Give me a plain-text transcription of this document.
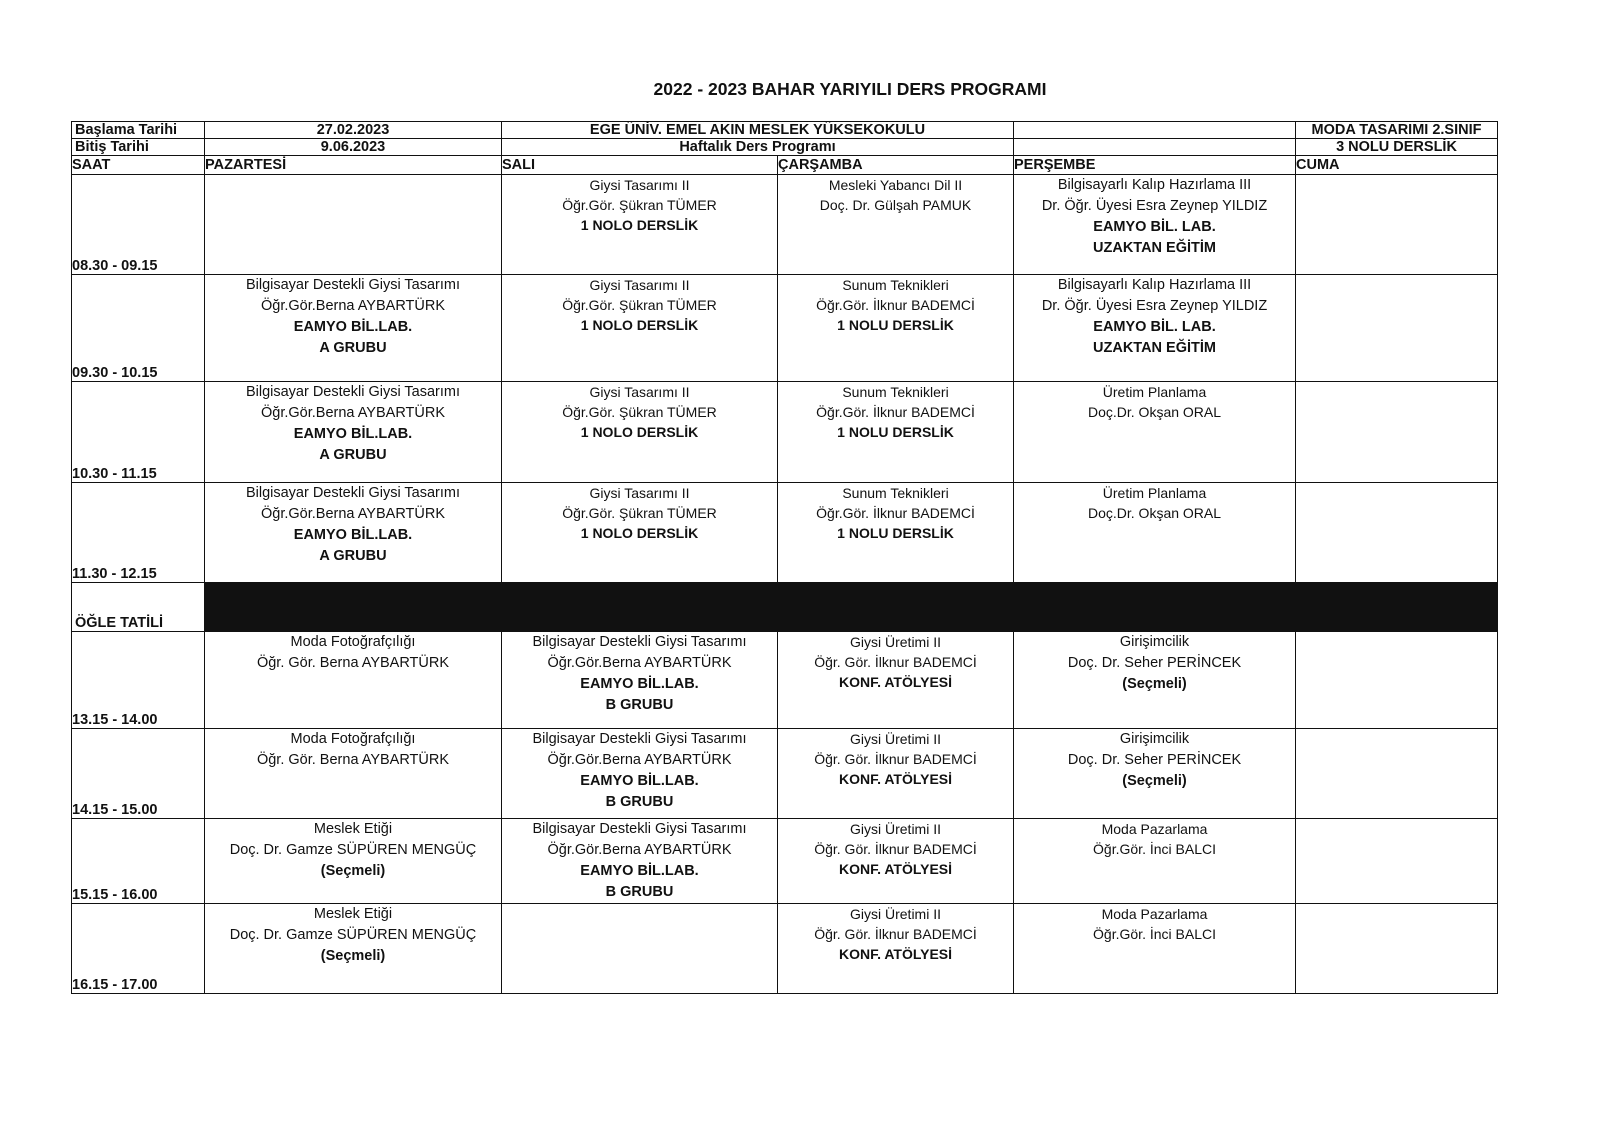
2022 - 2023 BAHAR YARIYILI DERS PROGRAMI
Başlama Tarihi	27.02.2023	EGE ÜNİV. EMEL AKIN MESLEK YÜKSEKOKULU			MODA TASARIMI 2.SINIF
Bitiş Tarihi	9.06.2023	Haftalık Ders Programı			3 NOLU DERSLİK
SAAT	PAZARTESİ	SALI	ÇARŞAMBA	PERŞEMBE	CUMA
08.30 - 09.15		Giysi Tasarımı II
Öğr.Gör. Şükran TÜMER
1 NOLO DERSLİK	Mesleki Yabancı Dil II
Doç. Dr. Gülşah PAMUK	Bilgisayarlı Kalıp Hazırlama III
Dr. Öğr. Üyesi Esra Zeynep YILDIZ
EAMYO BİL. LAB.
UZAKTAN EĞİTİM	

09.30 - 10.15	Bilgisayar Destekli Giysi Tasarımı
Öğr.Gör.Berna AYBARTÜRK
EAMYO BİL.LAB.
A GRUBU	Giysi Tasarımı II
Öğr.Gör. Şükran TÜMER
1 NOLO DERSLİK	Sunum Teknikleri
Öğr.Gör. İlknur BADEMCİ
1 NOLU DERSLİK	Bilgisayarlı Kalıp Hazırlama III
Dr. Öğr. Üyesi Esra Zeynep YILDIZ
EAMYO BİL. LAB.
UZAKTAN EĞİTİM	

10.30 - 11.15	Bilgisayar Destekli Giysi Tasarımı
Öğr.Gör.Berna AYBARTÜRK
EAMYO BİL.LAB.
A GRUBU	Giysi Tasarımı II
Öğr.Gör. Şükran TÜMER
1 NOLO DERSLİK	Sunum Teknikleri
Öğr.Gör. İlknur BADEMCİ
1 NOLU DERSLİK	Üretim Planlama
Doç.Dr. Okşan ORAL	

11.30 - 12.15	Bilgisayar Destekli Giysi Tasarımı
Öğr.Gör.Berna AYBARTÜRK
EAMYO BİL.LAB.
A GRUBU	Giysi Tasarımı II
Öğr.Gör. Şükran TÜMER
1 NOLO DERSLİK	Sunum Teknikleri
Öğr.Gör. İlknur BADEMCİ
1 NOLU DERSLİK	Üretim Planlama
Doç.Dr. Okşan ORAL	

ÖĞLE TATİLİ					
13.15 - 14.00	Moda Fotoğrafçılığı
Öğr. Gör. Berna AYBARTÜRK	Bilgisayar Destekli Giysi Tasarımı
Öğr.Gör.Berna AYBARTÜRK
EAMYO BİL.LAB.
B GRUBU	Giysi Üretimi II
Öğr. Gör. İlknur BADEMCİ
KONF. ATÖLYESİ	Girişimcilik
Doç. Dr. Seher PERİNCEK
(Seçmeli)	

14.15 - 15.00	Moda Fotoğrafçılığı
Öğr. Gör. Berna AYBARTÜRK	Bilgisayar Destekli Giysi Tasarımı
Öğr.Gör.Berna AYBARTÜRK
EAMYO BİL.LAB.
B GRUBU	Giysi Üretimi II
Öğr. Gör. İlknur BADEMCİ
KONF. ATÖLYESİ	Girişimcilik
Doç. Dr. Seher PERİNCEK
(Seçmeli)	

15.15 - 16.00	Meslek Etiği
Doç. Dr. Gamze SÜPÜREN MENGÜÇ
(Seçmeli)	Bilgisayar Destekli Giysi Tasarımı
Öğr.Gör.Berna AYBARTÜRK
EAMYO BİL.LAB.
B GRUBU	Giysi Üretimi II
Öğr. Gör. İlknur BADEMCİ
KONF. ATÖLYESİ	Moda Pazarlama
Öğr.Gör. İnci BALCI	

16.15 - 17.00	Meslek Etiği
Doç. Dr. Gamze SÜPÜREN MENGÜÇ
(Seçmeli)		Giysi Üretimi II
Öğr. Gör. İlknur BADEMCİ
KONF. ATÖLYESİ	Moda Pazarlama
Öğr.Gör. İnci BALCI	
